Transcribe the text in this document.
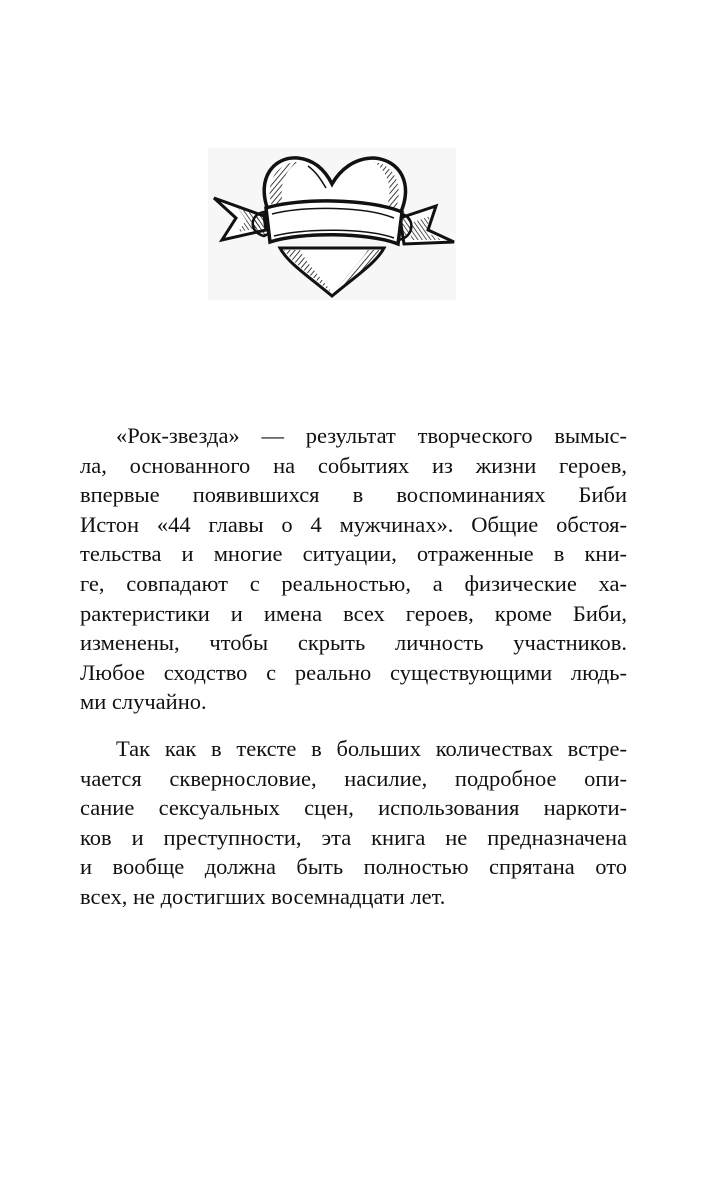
«Рок-звезда» — результат творческого вымыс-
ла, основанного на событиях из жизни героев,
впервые появившихся в воспоминаниях Биби
Истон «44 главы о 4 мужчинах». Общие обстоя-
тельства и многие ситуации, отраженные в кни-
ге, совпадают с реальностью, а физические ха-
рактеристики и имена всех героев, кроме Биби,
изменены, чтобы скрыть личность участников.
Любое сходство с реально существующими людь-
ми случайно.
Так как в тексте в больших количествах встре-
чается сквернословие, насилие, подробное опи-
сание сексуальных сцен, использования наркоти-
ков и преступности, эта книга не предназначена
и вообще должна быть полностью спрятана ото
всех, не достигших восемнадцати лет.
